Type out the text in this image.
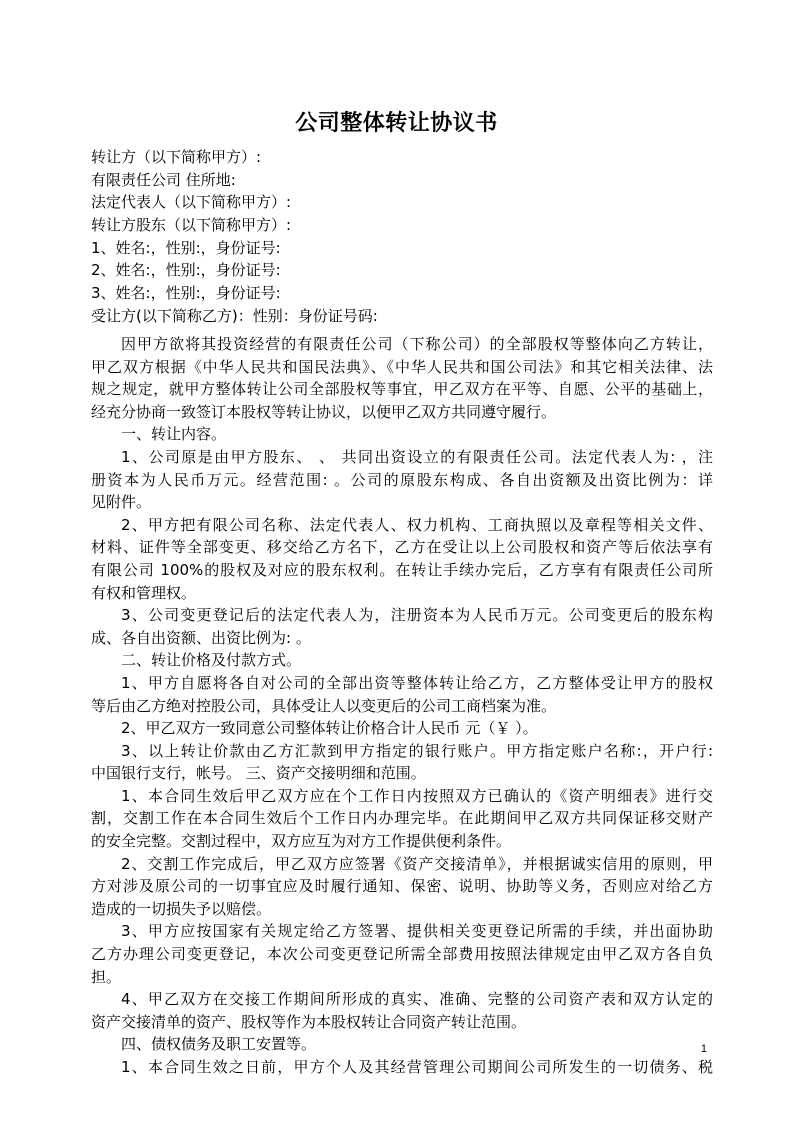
公司整体转让协议书
转让方（以下简称甲方）:
有限责任公司 住所地:
法定代表人（以下简称甲方）:
转让方股东（以下简称甲方）:
1、姓名:，性别:，身份证号:
2、姓名:，性别:，身份证号:
3、姓名:，性别:，身份证号:
受让方(以下简称乙方)：性别：身份证号码:
因甲方欲将其投资经营的有限责任公司（下称公司）的全部股权等整体向乙方转让，
甲乙双方根据《中华人民共和国民法典》、《中华人民共和国公司法》和其它相关法律、法
规之规定，就甲方整体转让公司全部股权等事宜，甲乙双方在平等、自愿、公平的基础上，
经充分协商一致签订本股权等转让协议，以便甲乙双方共同遵守履行。
一、转让内容。
1、公司原是由甲方股东、 、 共同出资设立的有限责任公司。法定代表人为: ，注
册资本为人民币万元。经营范围: 。公司的原股东构成、各自出资额及出资比例为：详
见附件。
2、甲方把有限公司名称、法定代表人、权力机构、工商执照以及章程等相关文件、
材料、证件等全部变更、移交给乙方名下，乙方在受让以上公司股权和资产等后依法享有
有限公司 100%的股权及对应的股东权利。在转让手续办完后，乙方享有有限责任公司所
有权和管理权。
3、公司变更登记后的法定代表人为，注册资本为人民币万元。公司变更后的股东构
成、各自出资额、出资比例为: 。
二、转让价格及付款方式。
1、甲方自愿将各自对公司的全部出资等整体转让给乙方，乙方整体受让甲方的股权
等后由乙方绝对控股公司，具体受让人以变更后的公司工商档案为准。
2、甲乙双方一致同意公司整体转让价格合计人民币 元（￥ ）。
3、以上转让价款由乙方汇款到甲方指定的银行账户。甲方指定账户名称:，开户行:
中国银行支行，帐号。 三、资产交接明细和范围。
1、本合同生效后甲乙双方应在个工作日内按照双方已确认的《资产明细表》进行交
割，交割工作在本合同生效后个工作日内办理完毕。在此期间甲乙双方共同保证移交财产
的安全完整。交割过程中，双方应互为对方工作提供便利条件。
2、交割工作完成后，甲乙双方应签署《资产交接清单》，并根据诚实信用的原则，甲
方对涉及原公司的一切事宜应及时履行通知、保密、说明、协助等义务，否则应对给乙方
造成的一切损失予以赔偿。
3、甲方应按国家有关规定给乙方签署、提供相关变更登记所需的手续，并出面协助
乙方办理公司变更登记，本次公司变更登记所需全部费用按照法律规定由甲乙双方各自负
担。
4、甲乙双方在交接工作期间所形成的真实、准确、完整的公司资产表和双方认定的
资产交接清单的资产、股权等作为本股权转让合同资产转让范围。
四、债权债务及职工安置等。
1、本合同生效之日前，甲方个人及其经营管理公司期间公司所发生的一切债务、税
1
